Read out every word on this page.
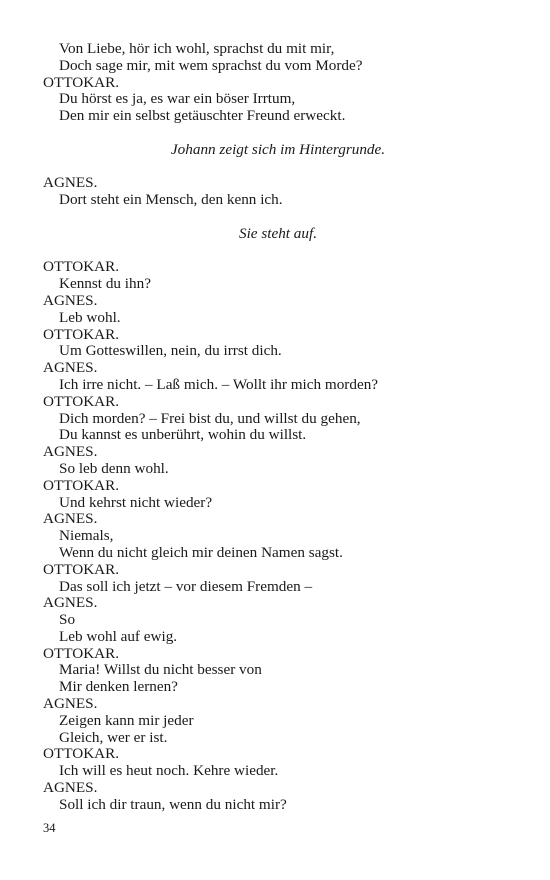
Von Liebe, hör ich wohl, sprachst du mit mir,
Doch sage mir, mit wem sprachst du vom Morde?
OTTOKAR.
Du hörst es ja, es war ein böser Irrtum,
Den mir ein selbst getäuschter Freund erweckt.
Johann zeigt sich im Hintergrunde.
AGNES.
Dort steht ein Mensch, den kenn ich.
Sie steht auf.
OTTOKAR.
Kennst du ihn?
AGNES.
Leb wohl.
OTTOKAR.
Um Gotteswillen, nein, du irrst dich.
AGNES.
Ich irre nicht. – Laß mich. – Wollt ihr mich morden?
OTTOKAR.
Dich morden? – Frei bist du, und willst du gehen,
Du kannst es unberührt, wohin du willst.
AGNES.
So leb denn wohl.
OTTOKAR.
Und kehrst nicht wieder?
AGNES.
Niemals,
Wenn du nicht gleich mir deinen Namen sagst.
OTTOKAR.
Das soll ich jetzt – vor diesem Fremden –
AGNES.
So
Leb wohl auf ewig.
OTTOKAR.
Maria! Willst du nicht besser von
Mir denken lernen?
AGNES.
Zeigen kann mir jeder
Gleich, wer er ist.
OTTOKAR.
Ich will es heut noch. Kehre wieder.
AGNES.
Soll ich dir traun, wenn du nicht mir?
34
